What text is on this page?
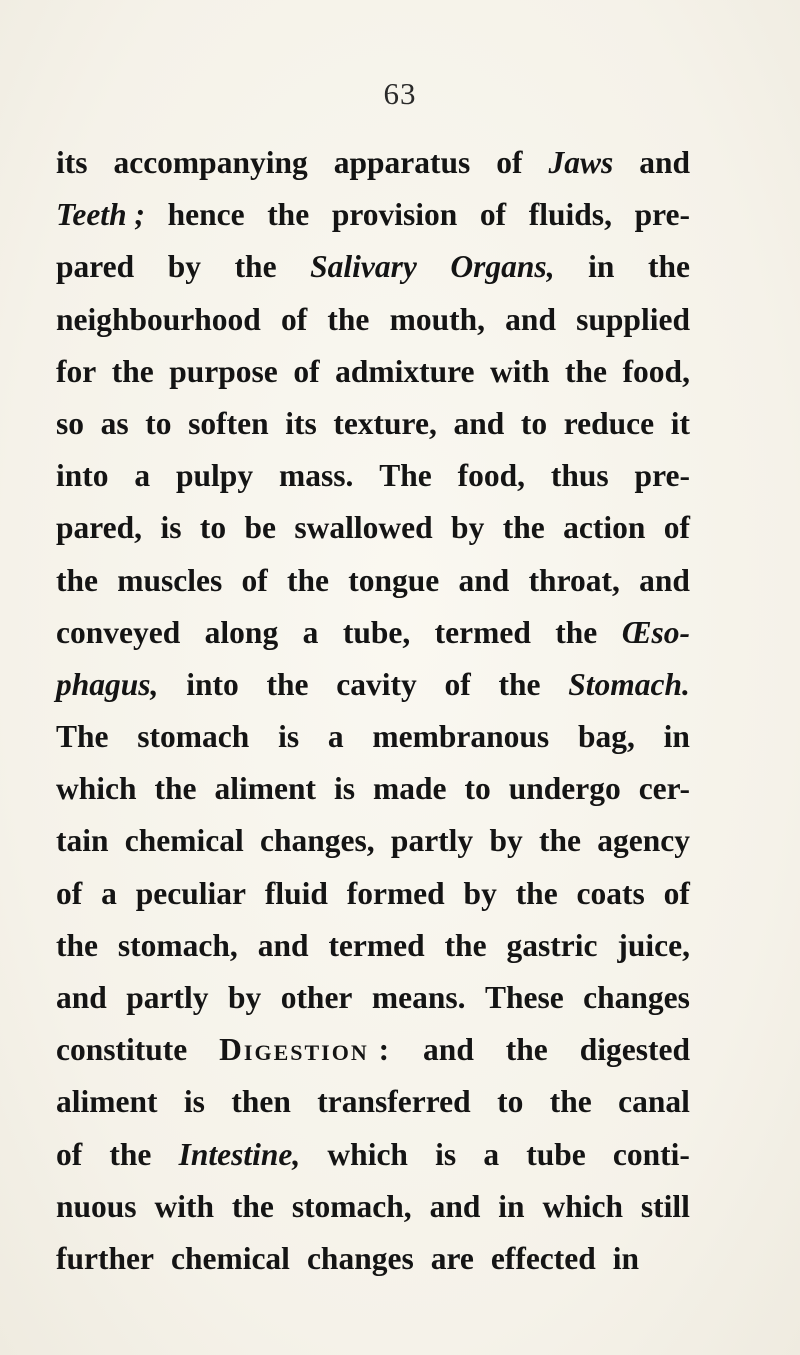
63
its accompanying apparatus of Jaws and
Teeth ; hence the provision of fluids, pre-
pared by the Salivary Organs, in the
neighbourhood of the mouth, and supplied
for the purpose of admixture with the food,
so as to soften its texture, and to reduce it
into a pulpy mass. The food, thus pre-
pared, is to be swallowed by the action of
the muscles of the tongue and throat, and
conveyed along a tube, termed the Œso-
phagus, into the cavity of the Stomach.
The stomach is a membranous bag, in
which the aliment is made to undergo cer-
tain chemical changes, partly by the agency
of a peculiar fluid formed by the coats of
the stomach, and termed the gastric juice,
and partly by other means. These changes
constitute Digestion : and the digested
aliment is then transferred to the canal
of the Intestine, which is a tube conti-
nuous with the stomach, and in which still
further chemical changes are effected in
